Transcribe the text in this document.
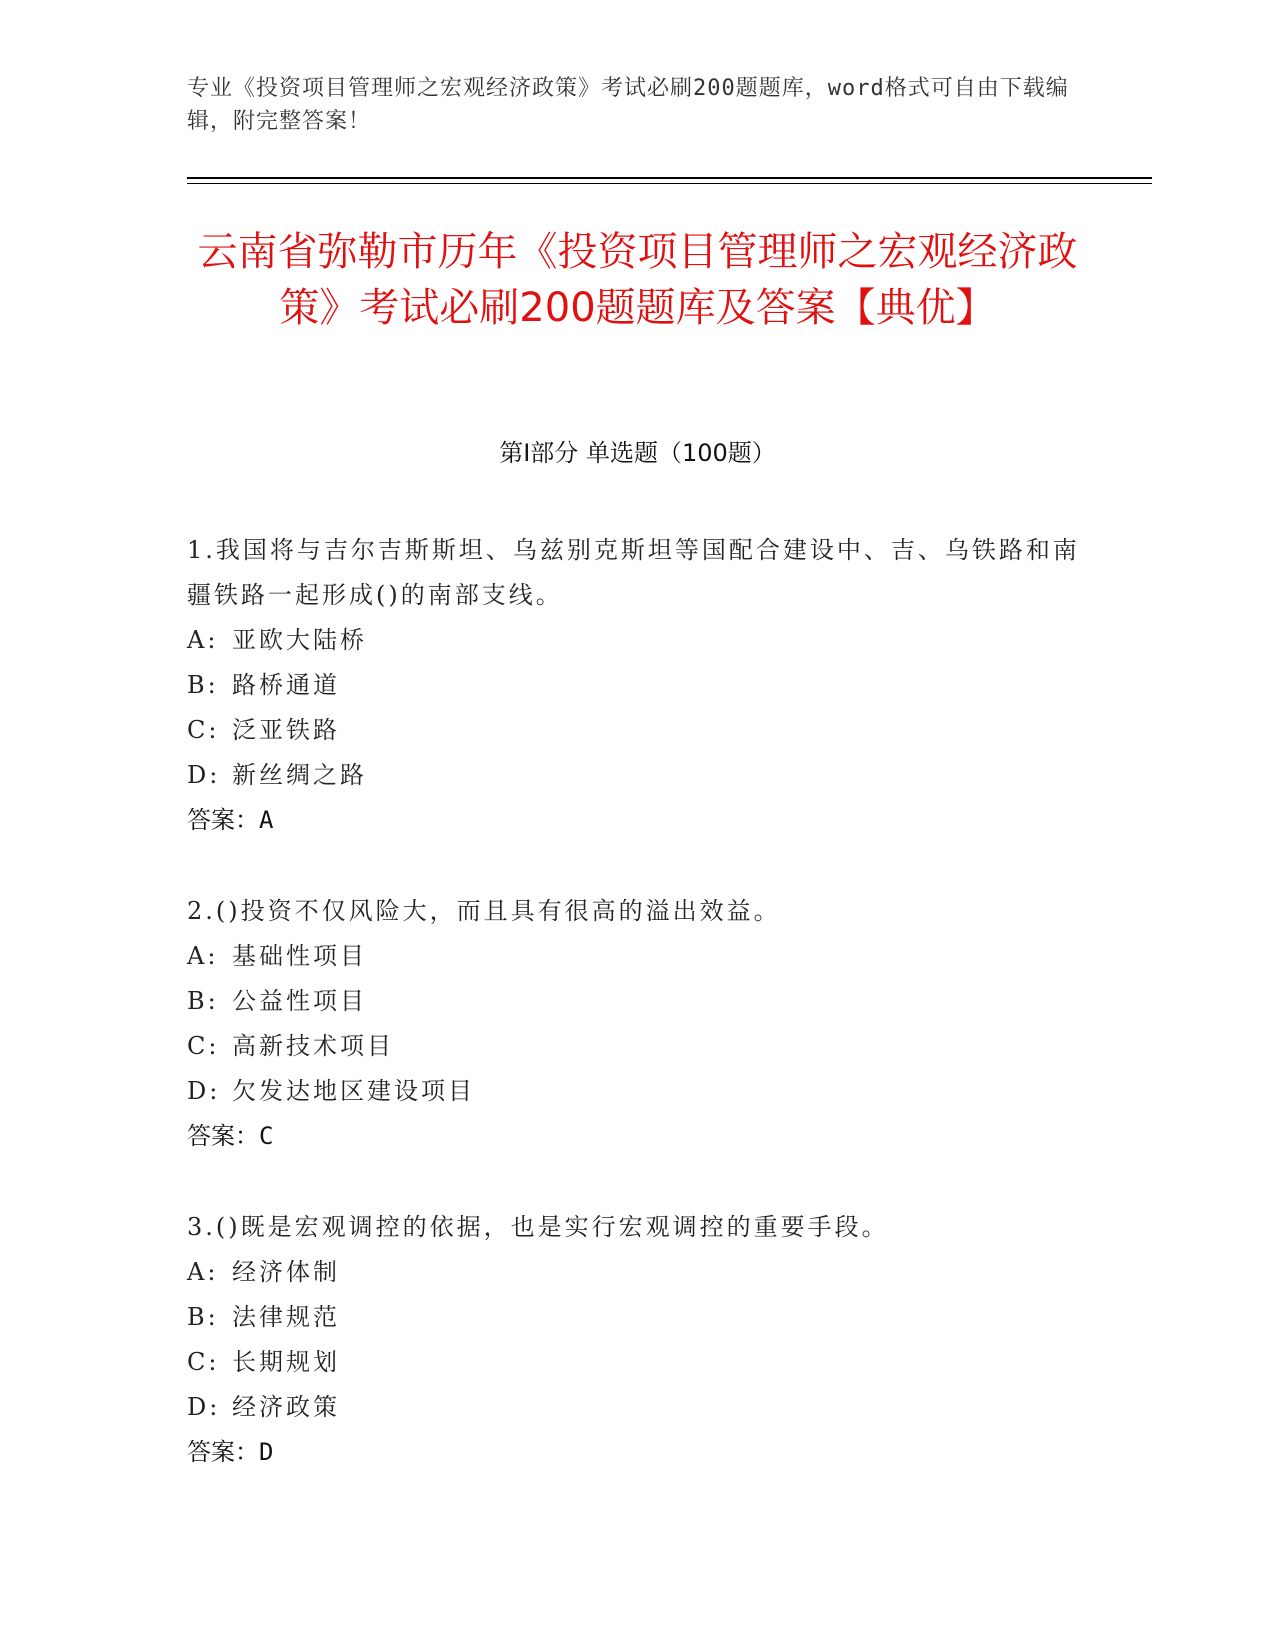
专业《投资项目管理师之宏观经济政策》考试必刷200题题库，word格式可自由下载编辑，附完整答案！
云南省弥勒市历年《投资项目管理师之宏观经济政策》考试必刷200题题库及答案【典优】
第Ⅰ部分 单选题（100题）
1.我国将与吉尔吉斯斯坦、乌兹别克斯坦等国配合建设中、吉、乌铁路和南疆铁路一起形成()的南部支线。
A: 亚欧大陆桥
B: 路桥通道
C: 泛亚铁路
D: 新丝绸之路
答案：A
2.()投资不仅风险大，而且具有很高的溢出效益。
A: 基础性项目
B: 公益性项目
C: 高新技术项目
D: 欠发达地区建设项目
答案：C
3.()既是宏观调控的依据，也是实行宏观调控的重要手段。
A: 经济体制
B: 法律规范
C: 长期规划
D: 经济政策
答案：D
